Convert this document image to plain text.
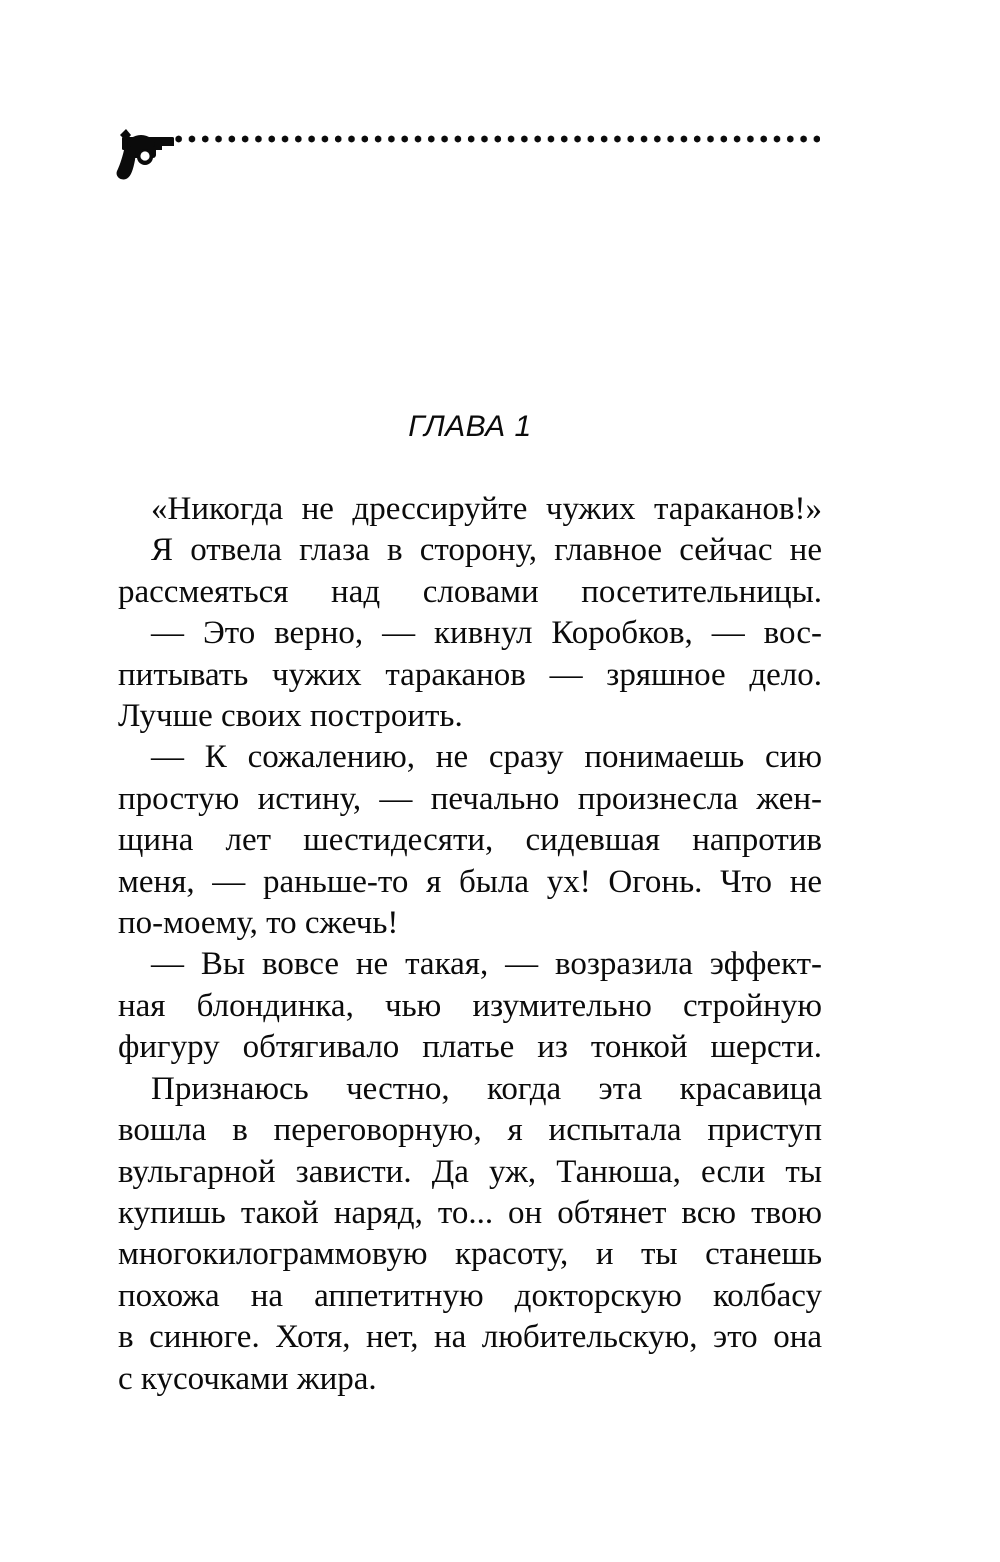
ГЛАВА 1
«Никогда не дрессируйте чужих тараканов!»
Я отвела глаза в сторону, главное сейчас не
рассмеяться над словами посетительницы.
— Это верно, — кивнул Коробков, — вос-
питывать чужих тараканов — зряшное дело.
Лучше своих построить.
— К сожалению, не сразу понимаешь сию
простую истину, — печально произнесла жен-
щина лет шестидесяти, сидевшая напротив
меня, — раньше-то я была ух! Огонь. Что не
по-моему, то сжечь!
— Вы вовсе не такая, — возразила эффект-
ная блондинка, чью изумительно стройную
фигуру обтягивало платье из тонкой шерсти.
Признаюсь честно, когда эта красавица
вошла в переговорную, я испытала приступ
вульгарной зависти. Да уж, Танюша, если ты
купишь такой наряд, то... он обтянет всю твою
многокилограммовую красоту, и ты станешь
похожа на аппетитную докторскую колбасу
в синюге. Хотя, нет, на любительскую, это она
с кусочками жира.
